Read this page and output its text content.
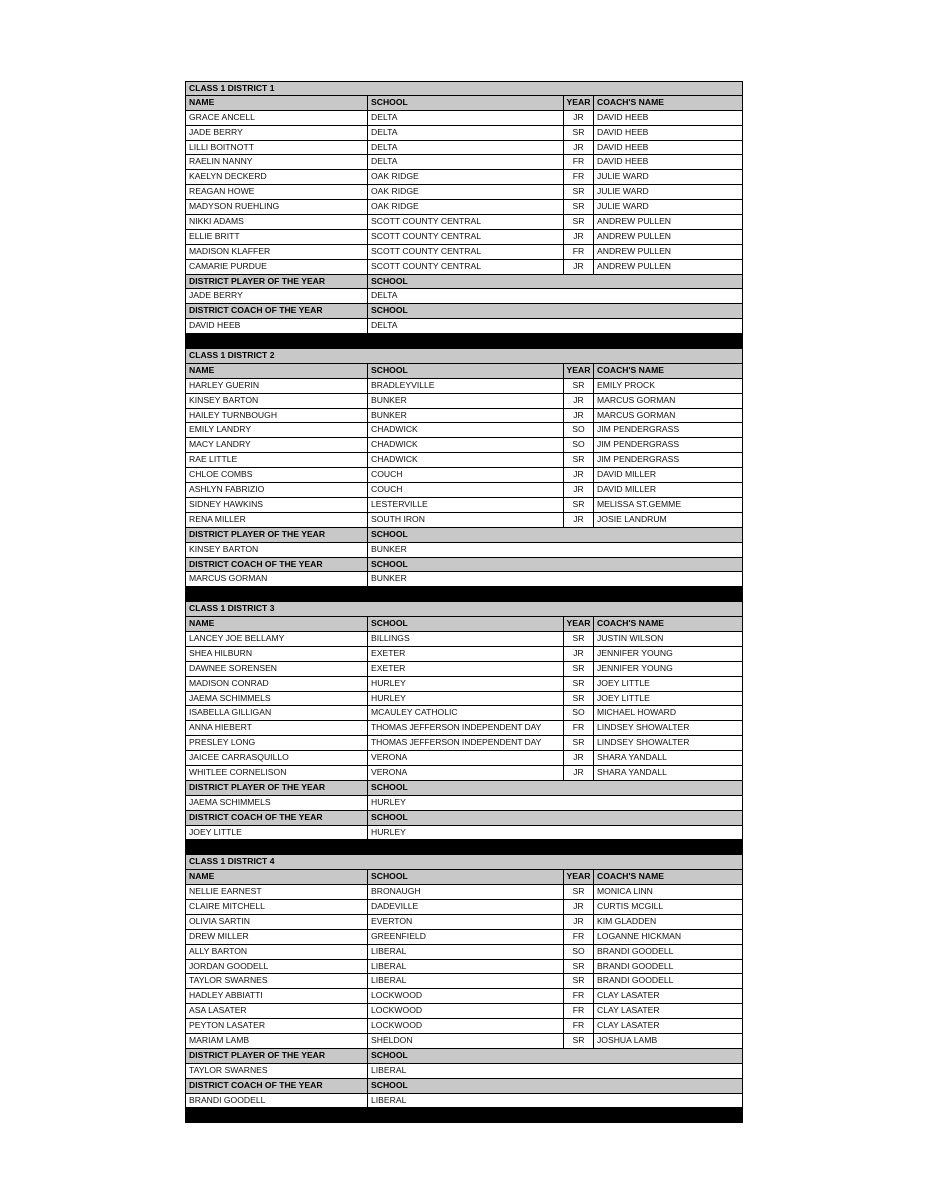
CLASS 1 DISTRICT 1
NAME	SCHOOL	YEAR COACH'S NAME
GRACE ANCELL	DELTA	JR	DAVID HEEB
JADE BERRY	DELTA	SR	DAVID HEEB
LILLI BOITNOTT	DELTA	JR	DAVID HEEB
RAELIN NANNY	DELTA	FR	DAVID HEEB
KAELYN DECKERD	OAK RIDGE	FR	JULIE WARD
REAGAN HOWE	OAK RIDGE	SR	JULIE WARD
MADYSON RUEHLING	OAK RIDGE	SR	JULIE WARD
NIKKI ADAMS	SCOTT COUNTY CENTRAL	SR	ANDREW PULLEN
ELLIE BRITT	SCOTT COUNTY CENTRAL	JR	ANDREW PULLEN
MADISON KLAFFER	SCOTT COUNTY CENTRAL	FR	ANDREW PULLEN
CAMARIE PURDUE	SCOTT COUNTY CENTRAL	JR	ANDREW PULLEN
DISTRICT PLAYER OF THE YEAR	SCHOOL
JADE BERRY	DELTA
DISTRICT COACH OF THE YEAR	SCHOOL
DAVID HEEB	DELTA
CLASS 1 DISTRICT 2
NAME	SCHOOL	YEAR COACH'S NAME
HARLEY GUERIN	BRADLEYVILLE	SR	EMILY PROCK
KINSEY BARTON	BUNKER	JR	MARCUS GORMAN
HAILEY TURNBOUGH	BUNKER	JR	MARCUS GORMAN
EMILY LANDRY	CHADWICK	SO	JIM PENDERGRASS
MACY LANDRY	CHADWICK	SO	JIM PENDERGRASS
RAE LITTLE	CHADWICK	SR	JIM PENDERGRASS
CHLOE COMBS	COUCH	JR	DAVID MILLER
ASHLYN FABRIZIO	COUCH	JR	DAVID MILLER
SIDNEY HAWKINS	LESTERVILLE	SR	MELISSA ST.GEMME
RENA MILLER	SOUTH IRON	JR	JOSIE LANDRUM
DISTRICT PLAYER OF THE YEAR	SCHOOL
KINSEY BARTON	BUNKER
DISTRICT COACH OF THE YEAR	SCHOOL
MARCUS GORMAN	BUNKER
CLASS 1 DISTRICT 3
NAME	SCHOOL	YEAR COACH'S NAME
LANCEY JOE BELLAMY	BILLINGS	SR	JUSTIN WILSON
SHEA HILBURN	EXETER	JR	JENNIFER YOUNG
DAWNEE SORENSEN	EXETER	SR	JENNIFER YOUNG
MADISON CONRAD	HURLEY	SR	JOEY LITTLE
JAEMA SCHIMMELS	HURLEY	SR	JOEY LITTLE
ISABELLA GILLIGAN	MCAULEY CATHOLIC	SO	MICHAEL HOWARD
ANNA HIEBERT	THOMAS JEFFERSON INDEPENDENT DAY	FR	LINDSEY SHOWALTER
PRESLEY LONG	THOMAS JEFFERSON INDEPENDENT DAY	SR	LINDSEY SHOWALTER
JAICEE CARRASQUILLO	VERONA	JR	SHARA YANDALL
WHITLEE CORNELISON	VERONA	JR	SHARA YANDALL
DISTRICT PLAYER OF THE YEAR	SCHOOL
JAEMA SCHIMMELS	HURLEY
DISTRICT COACH OF THE YEAR	SCHOOL
JOEY LITTLE	HURLEY
CLASS 1 DISTRICT 4
NAME	SCHOOL	YEAR COACH'S NAME
NELLIE EARNEST	BRONAUGH	SR	MONICA LINN
CLAIRE MITCHELL	DADEVILLE	JR	CURTIS MCGILL
OLIVIA SARTIN	EVERTON	JR	KIM GLADDEN
DREW MILLER	GREENFIELD	FR	LOGANNE HICKMAN
ALLY BARTON	LIBERAL	SO	BRANDI GOODELL
JORDAN GOODELL	LIBERAL	SR	BRANDI GOODELL
TAYLOR SWARNES	LIBERAL	SR	BRANDI GOODELL
HADLEY ABBIATTI	LOCKWOOD	FR	CLAY LASATER
ASA LASATER	LOCKWOOD	FR	CLAY LASATER
PEYTON LASATER	LOCKWOOD	FR	CLAY LASATER
MARIAM LAMB	SHELDON	SR	JOSHUA LAMB
DISTRICT PLAYER OF THE YEAR	SCHOOL
TAYLOR SWARNES	LIBERAL
DISTRICT COACH OF THE YEAR	SCHOOL
BRANDI GOODELL	LIBERAL
